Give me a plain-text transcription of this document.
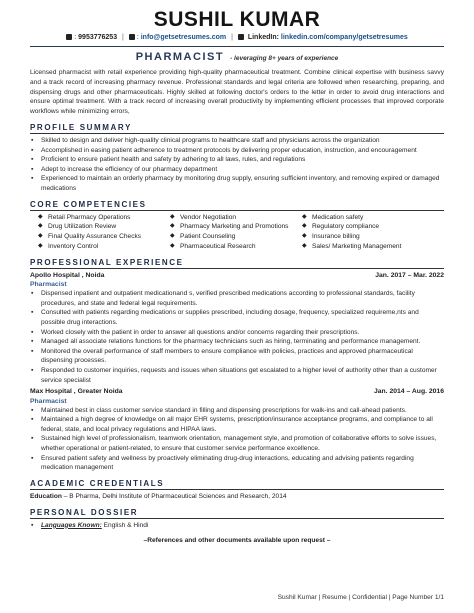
SUSHIL KUMAR
: 9953776253 | : info@getsetresumes.com | LinkedIn: linkedin.com/company/getsetresumes
PHARMACIST - leveraging 8+ years of experience
Licensed pharmacist with retail experience providing high-quality pharmaceutical treatment. Combine clinical expertise with business savvy and a track record of increasing pharmacy revenue. Professional standards and legal criteria are followed when researching, preparing, and dispensing drugs and other pharmaceuticals. Highly skilled at following doctor's orders to the letter in order to avoid drug interactions and ensure optimal treatment. With a track record of increasing overall productivity by implementing efficient processes that improved corporate workflows while minimizing errors,
PROFILE SUMMARY
▪ Skilled to design and deliver high-quality clinical programs to healthcare staff and physicians across the organization
▪ Accomplished in easing patient adherence to treatment protocols by delivering proper education, instruction, and encouragement
▪ Proficient to ensure patient health and safety by adhering to all laws, rules, and regulations
▪ Adept to increase the efficiency of our pharmacy department
▪ Experienced to maintain an orderly pharmacy by monitoring drug supply, ensuring sufficient inventory, and removing expired or damaged medications
CORE COMPETENCIES
◆ Retail Pharmacy Operations	◆ Vendor Negotiation	◆ Medication safety
◆ Drug Utilization Review	◆ Pharmacy Marketing and Promotions	◆ Regulatory compliance
◆ Final Quality Assurance Checks	◆ Patient Counseling	◆ Insurance billing
◆ Inventory Control	◆ Pharmaceutical Research	◆ Sales/ Marketing Management
PROFESSIONAL EXPERIENCE
Apollo Hospital , Noida	Jan. 2017 – Mar. 2022
Pharmacist
▪ Dispensed inpatient and outpatient medicationand s, verified prescribed medications according to professional standards, facility procedures, and state and federal legal requirements.
▪ Consulted with patients regarding medications or supplies prescribed, including dosage, frequency, specialized requireme,nts and possible drug interactions.
▪ Worked closely with the patient in order to answer all questions and/or concerns regarding their prescriptions.
▪ Managed all associate relations functions for the pharmacy technicians such as hiring, terminating and performance management.
▪ Monitored the overall performance of staff members to ensure compliance with policies, practices and approved pharmaceutical dispensing processes.
▪ Responded to customer inquiries, requests and issues when situations get escalated to a higher level of authority other than a customer service specialist
Max Hospital , Greater Noida	Jan. 2014 – Aug. 2016
Pharmacist
▪ Maintained best in class customer service standard in filling and dispensing prescriptions for walk-ins and call-ahead patients.
▪ Maintained a high degree of knowledge on all major EHR systems, prescription/insurance acceptance programs, and compliance to all federal, state, and local privacy regulations and HIPAA laws.
▪ Sustained high level of professionalism, teamwork orientation, management style, and promotion of collaborative efforts to solve issues, whether operational or patient-related, to ensure that customer service performance excellence.
▪ Ensured patient safety and wellness by proactively eliminating drug-drug interactions, educating and advising patients regarding medication management
ACADEMIC CREDENTIALS
Education – B Pharma, Delhi Institute of Pharmaceutical Sciences and Research, 2014
PERSONAL DOSSIER
▪ Languages Known: English & Hindi
–References and other documents available upon request –
Sushil Kumar | Resume | Confidential | Page Number 1/1
